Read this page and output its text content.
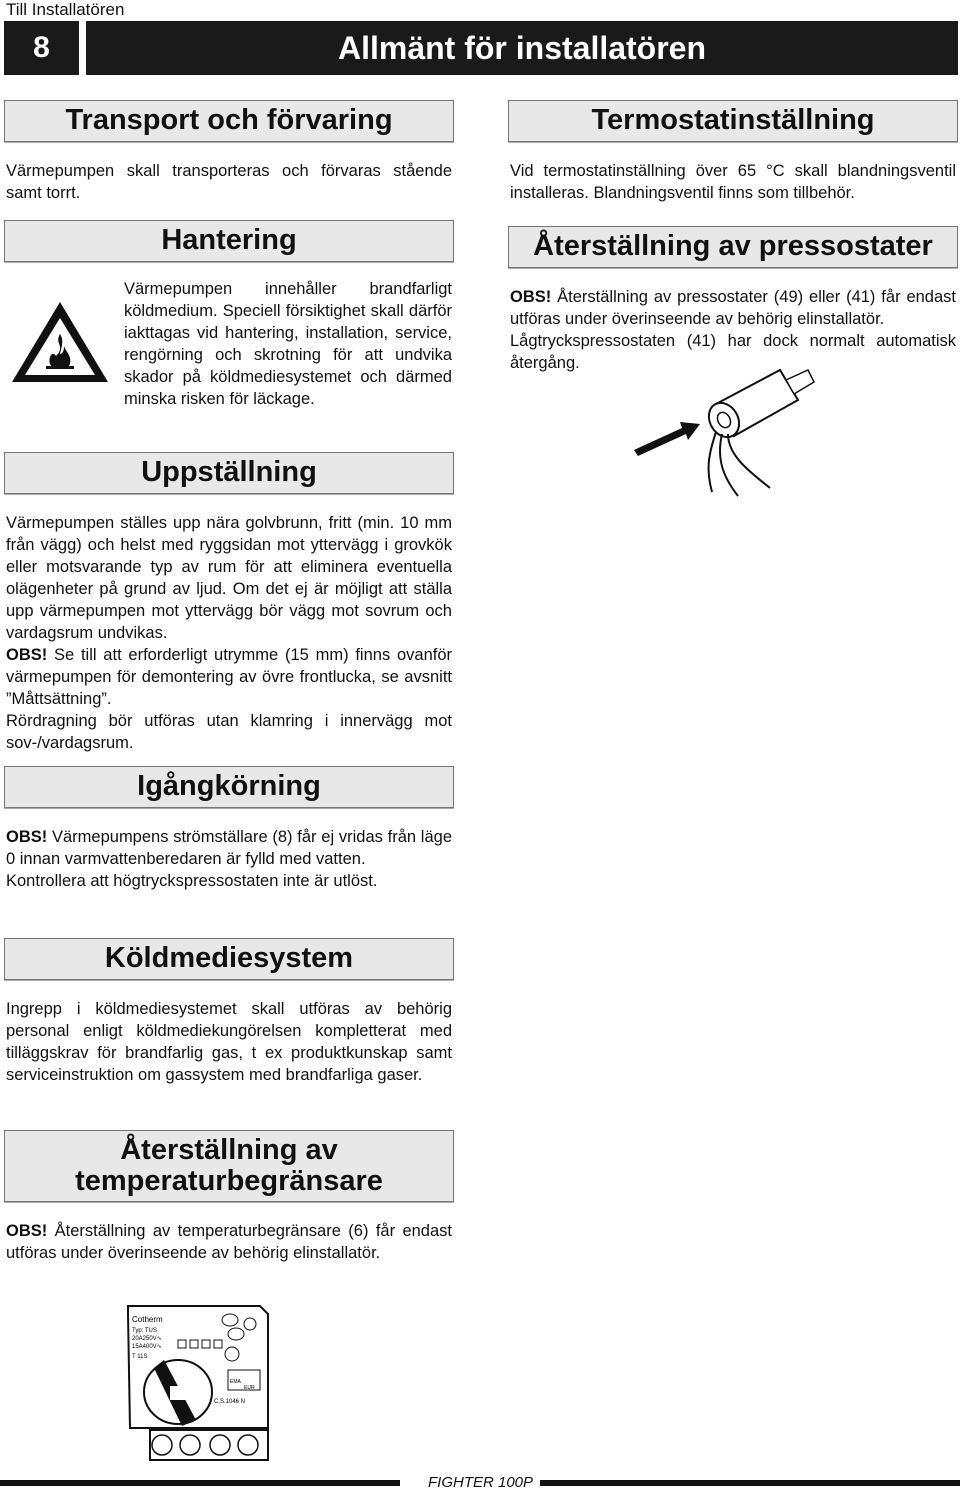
Till Installatören
8	Allmänt för installatören
Transport och förvaring
Värmepumpen skall transporteras och förvaras stående samt torrt.
Hantering
Värmepumpen innehåller brandfarligt köldmedium. Speciell försiktighet skall därför iakttagas vid hantering, installation, service, rengörning och skrotning för att undvika skador på köldmediesystemet och därmed minska risken för läckage.
Uppställning
Värmepumpen ställes upp nära golvbrunn, fritt (min. 10 mm från vägg) och helst med ryggsidan mot yttervägg i grovkök eller motsvarande typ av rum för att eliminera eventuella olägenheter på grund av ljud. Om det ej är möjligt att ställa upp värmepumpen mot yttervägg bör vägg mot sovrum och vardagsrum undvikas.
OBS! Se till att erforderligt utrymme (15 mm) finns ovanför värmepumpen för demontering av övre frontlucka, se avsnitt ”Måttsättning”.
Rördragning bör utföras utan klamring i innervägg mot sov-/vardagsrum.
Igångkörning
OBS! Värmepumpens strömställare (8) får ej vridas från läge 0 innan varmvattenberedaren är fylld med vatten.
Kontrollera att högtryckspressostaten inte är utlöst.
Köldmediesystem
Ingrepp i köldmediesystemet skall utföras av behörig personal enligt köldmediekungörelsen kompletterat med tilläggskrav för brandfarlig gas, t ex produktkunskap samt serviceinstruktion om gassystem med brandfarliga gaser.
Återställning av
temperaturbegränsare
OBS! Återställning av temperaturbegränsare (6) får endast utföras under överinseende av behörig elinstallatör.
Cotherm
Typ: TUS
20A250V∿
15A400V∿
T 11S
EMA
EUR
C.S.1046 N
Termostatinställning
Vid termostatinställning över 65 °C skall blandningsventil installeras. Blandningsventil finns som tillbehör.
Återställning av pressostater
OBS! Återställning av pressostater (49) eller (41) får endast utföras under överinseende av behörig elinstallatör.
Lågtryckspressostaten (41) har dock normalt automatisk återgång.
FIGHTER 100P
